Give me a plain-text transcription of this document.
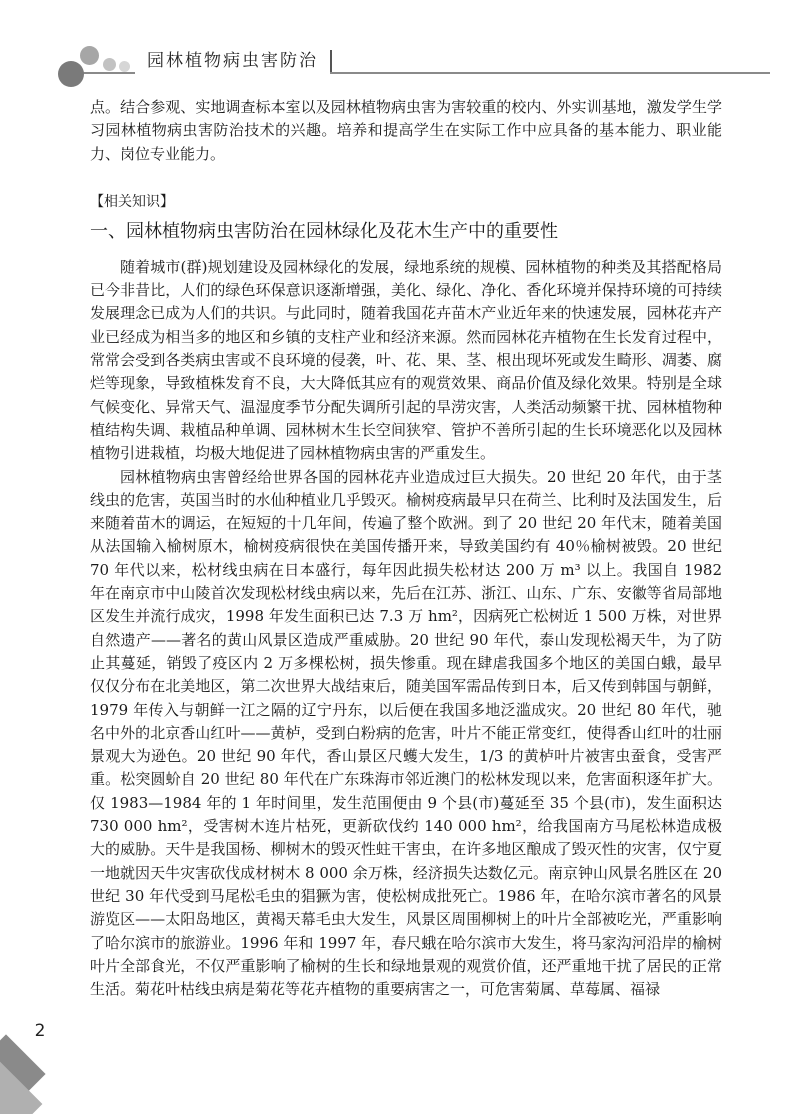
园林植物病虫害防治

点。结合参观、实地调查标本室以及园林植物病虫害为害较重的校内、外实训基地，激发学生学习园林植物病虫害防治技术的兴趣。培养和提高学生在实际工作中应具备的基本能力、职业能力、岗位专业能力。

【相关知识】
一、园林植物病虫害防治在园林绿化及花木生产中的重要性

随着城市(群)规划建设及园林绿化的发展，绿地系统的规模、园林植物的种类及其搭配格局已今非昔比，人们的绿色环保意识逐渐增强，美化、绿化、净化、香化环境并保持环境的可持续发展理念已成为人们的共识。与此同时，随着我国花卉苗木产业近年来的快速发展，园林花卉产业已经成为相当多的地区和乡镇的支柱产业和经济来源。然而园林花卉植物在生长发育过程中，常常会受到各类病虫害或不良环境的侵袭，叶、花、果、茎、根出现坏死或发生畸形、凋萎、腐烂等现象，导致植株发育不良，大大降低其应有的观赏效果、商品价值及绿化效果。特别是全球气候变化、异常天气、温湿度季节分配失调所引起的旱涝灾害，人类活动频繁干扰、园林植物种植结构失调、栽植品种单调、园林树木生长空间狭窄、管护不善所引起的生长环境恶化以及园林植物引进栽植，均极大地促进了园林植物病虫害的严重发生。

园林植物病虫害曾经给世界各国的园林花卉业造成过巨大损失。20 世纪 20 年代，由于茎线虫的危害，英国当时的水仙种植业几乎毁灭。榆树疫病最早只在荷兰、比利时及法国发生，后来随着苗木的调运，在短短的十几年间，传遍了整个欧洲。到了 20 世纪 20 年代末，随着美国从法国输入榆树原木，榆树疫病很快在美国传播开来，导致美国约有 40％榆树被毁。20 世纪 70 年代以来，松材线虫病在日本盛行，每年因此损失松材达 200 万 m³ 以上。我国自 1982 年在南京市中山陵首次发现松材线虫病以来，先后在江苏、浙江、山东、广东、安徽等省局部地区发生并流行成灾，1998 年发生面积已达 7.3 万 hm²，因病死亡松树近 1 500 万株，对世界自然遗产——著名的黄山风景区造成严重威胁。20 世纪 90 年代，泰山发现松褐天牛，为了防止其蔓延，销毁了疫区内 2 万多棵松树，损失惨重。现在肆虐我国多个地区的美国白蛾，最早仅仅分布在北美地区，第二次世界大战结束后，随美国军需品传到日本，后又传到韩国与朝鲜，1979 年传入与朝鲜一江之隔的辽宁丹东，以后便在我国多地泛滥成灾。20 世纪 80 年代，驰名中外的北京香山红叶——黄栌，受到白粉病的危害，叶片不能正常变红，使得香山红叶的壮丽景观大为逊色。20 世纪 90 年代，香山景区尺蠖大发生，1/3 的黄栌叶片被害虫蚕食，受害严重。松突圆蚧自 20 世纪 80 年代在广东珠海市邻近澳门的松林发现以来，危害面积逐年扩大。仅 1983—1984 年的 1 年时间里，发生范围便由 9 个县(市)蔓延至 35 个县(市)，发生面积达 730 000 hm²，受害树木连片枯死，更新砍伐约 140 000 hm²，给我国南方马尾松林造成极大的威胁。天牛是我国杨、柳树木的毁灭性蛀干害虫，在许多地区酿成了毁灭性的灾害，仅宁夏一地就因天牛灾害砍伐成材树木 8 000 余万株，经济损失达数亿元。南京钟山风景名胜区在 20 世纪 30 年代受到马尾松毛虫的猖獗为害，使松树成批死亡。1986 年，在哈尔滨市著名的风景游览区——太阳岛地区，黄褐天幕毛虫大发生，风景区周围柳树上的叶片全部被吃光，严重影响了哈尔滨市的旅游业。1996 年和 1997 年，春尺蛾在哈尔滨市大发生，将马家沟河沿岸的榆树叶片全部食光，不仅严重影响了榆树的生长和绿地景观的观赏价值，还严重地干扰了居民的正常生活。菊花叶枯线虫病是菊花等花卉植物的重要病害之一，可危害菊属、草莓属、福禄

2
